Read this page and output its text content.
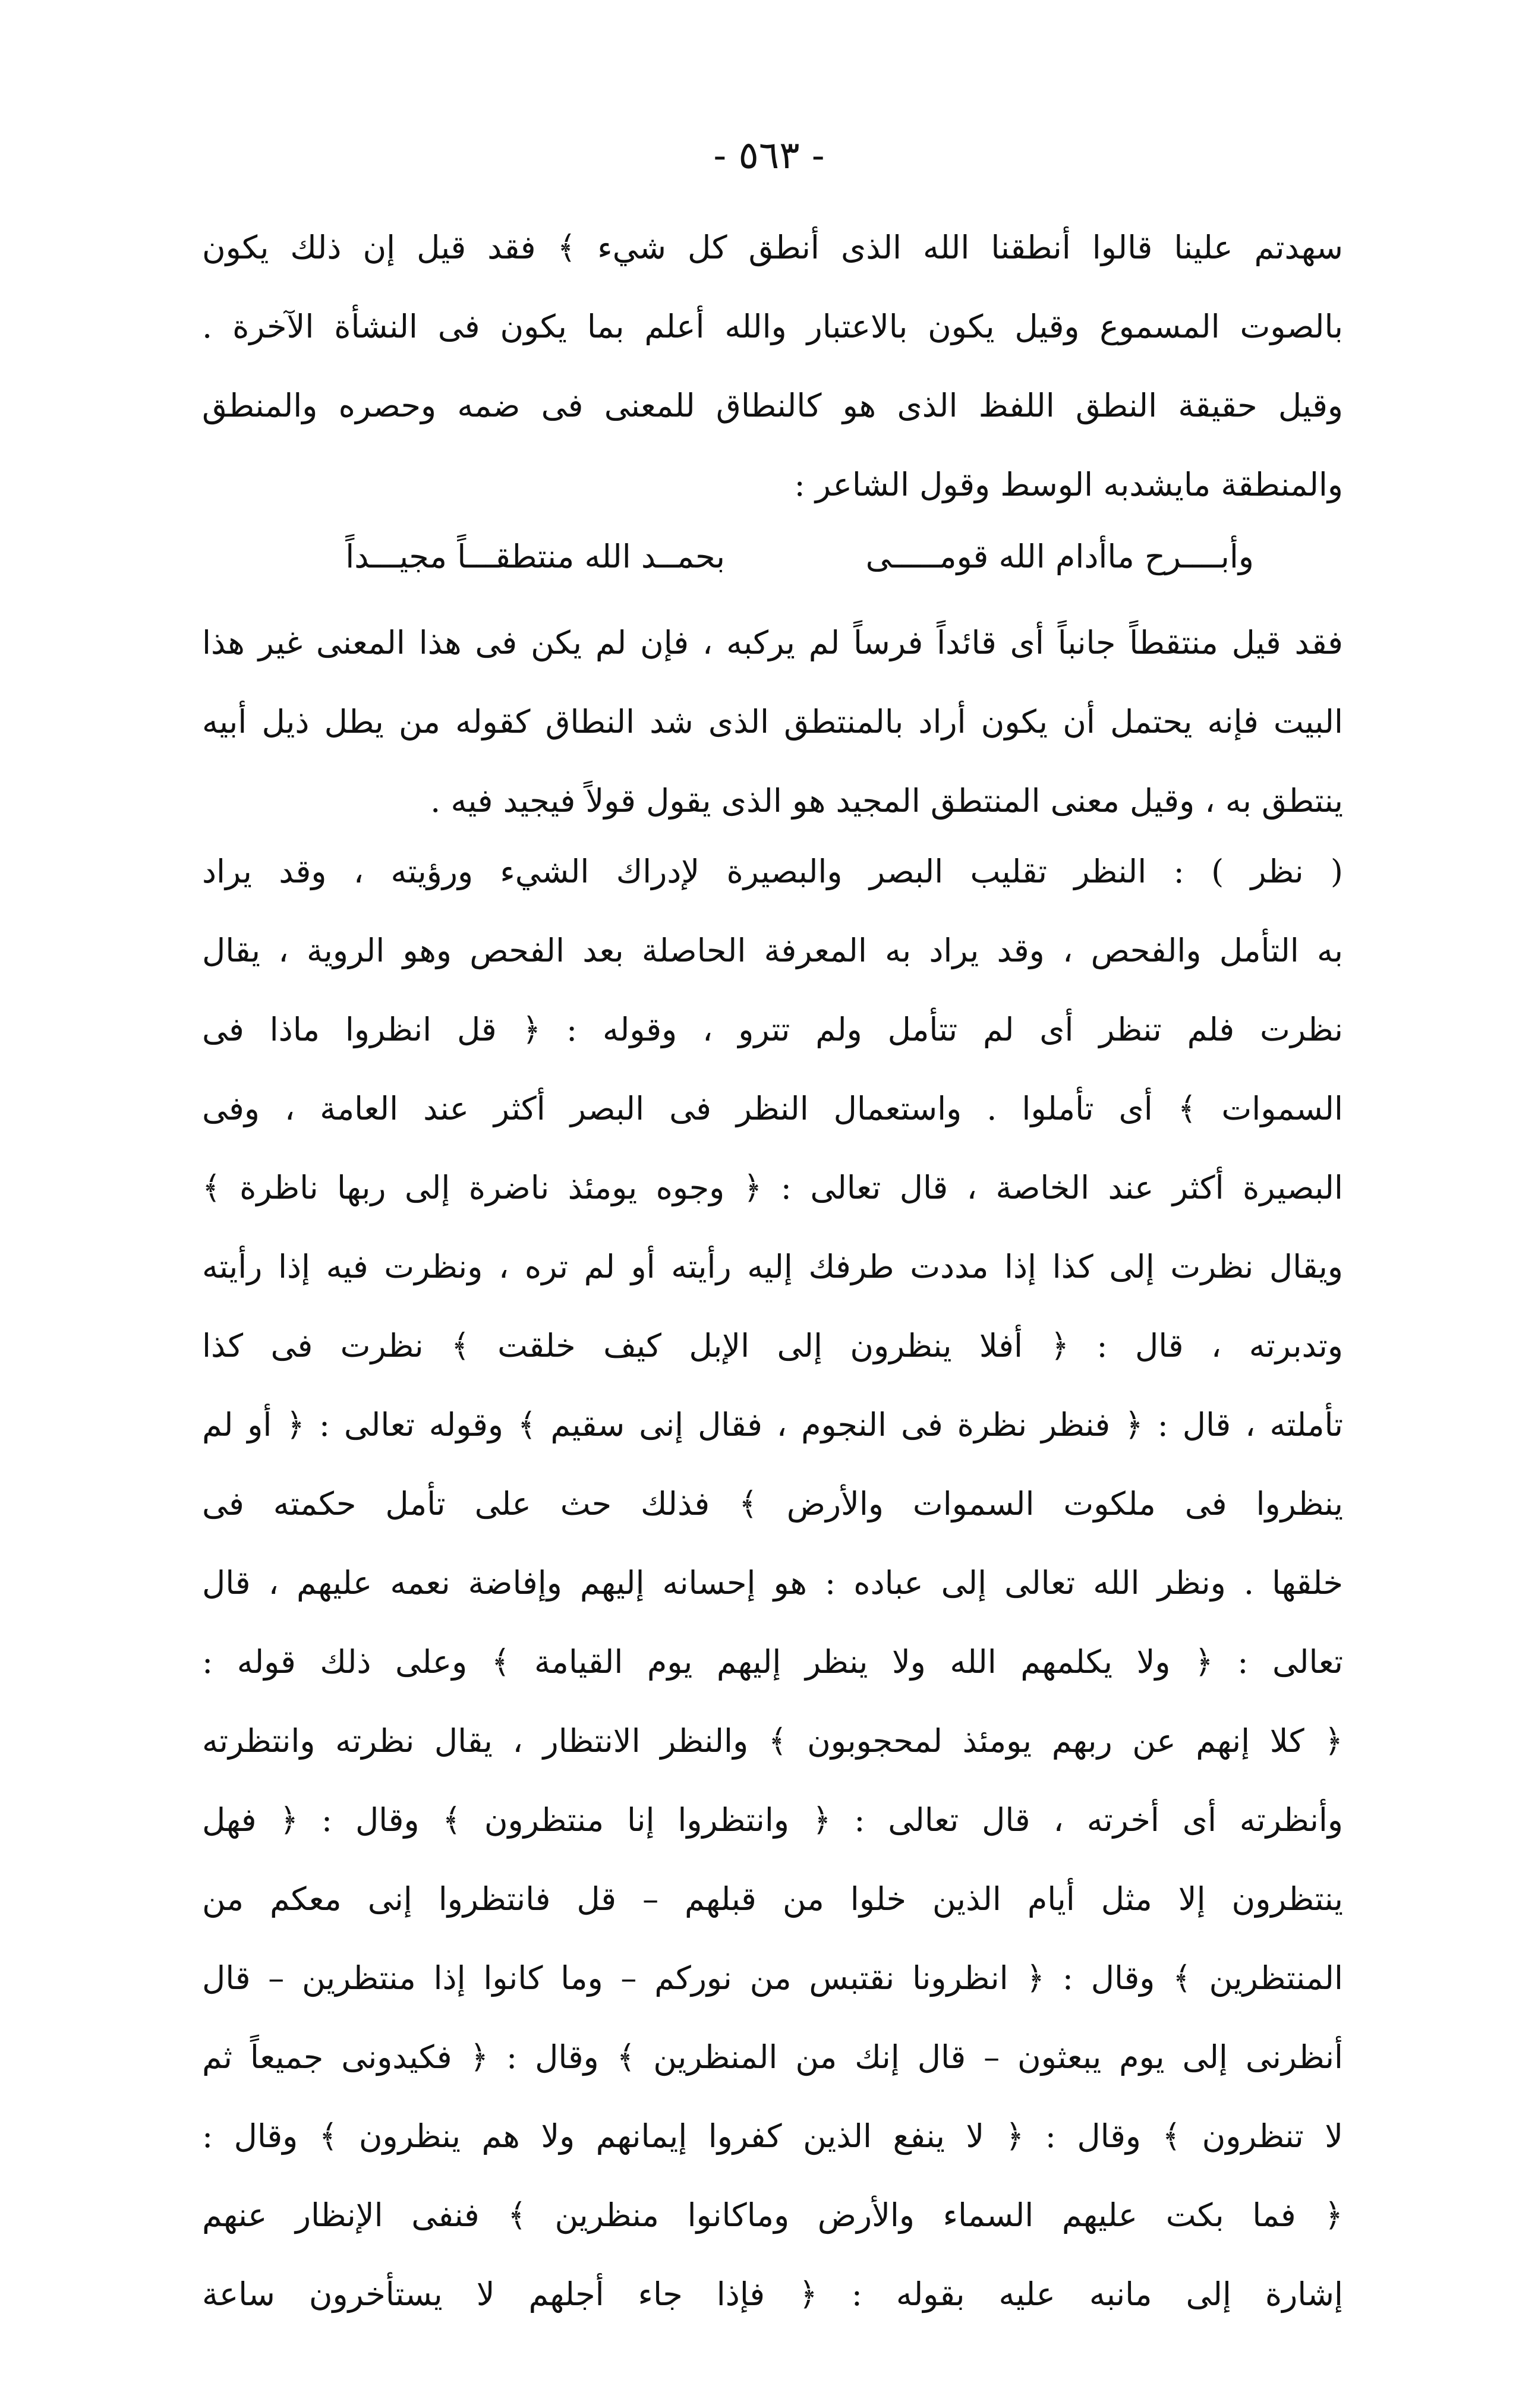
- ٥٦٣ -
سهدتم علينا قالوا أنطقنا الله الذى أنطق كل شيء ﴾ فقد قيل إن ذلك يكون
بالصوت المسموع وقيل يكون بالاعتبار والله أعلم بما يكون فى النشأة الآخرة .
وقيل حقيقة النطق اللفظ الذى هو كالنطاق للمعنى فى ضمه وحصره والمنطق
والمنطقة مايشدبه الوسط وقول الشاعر :
وأبــــرح ماأدام الله قومـــــى
بحمــد الله منتطقـــاً مجيـــداً
فقد قيل منتقطاً جانباً أى قائداً فرساً لم يركبه ، فإن لم يكن فى هذا المعنى غير هذا
البيت فإنه يحتمل أن يكون أراد بالمنتطق الذى شد النطاق كقوله من يطل ذيل أبيه
ينتطق به ، وقيل معنى المنتطق المجيد هو الذى يقول قولاً فيجيد فيه .
( نظر ) : النظر تقليب البصر والبصيرة لإدراك الشيء ورؤيته ، وقد يراد
به التأمل والفحص ، وقد يراد به المعرفة الحاصلة بعد الفحص وهو الروية ، يقال
نظرت فلم تنظر أى لم تتأمل ولم تترو ، وقوله : ﴿ قل انظروا ماذا فى
السموات ﴾ أى تأملوا . واستعمال النظر فى البصر أكثر عند العامة ، وفى
البصيرة أكثر عند الخاصة ، قال تعالى : ﴿ وجوه يومئذ ناضرة إلى ربها ناظرة ﴾
ويقال نظرت إلى كذا إذا مددت طرفك إليه رأيته أو لم تره ، ونظرت فيه إذا رأيته
وتدبرته ، قال : ﴿ أفلا ينظرون إلى الإبل كيف خلقت ﴾ نظرت فى كذا
تأملته ، قال : ﴿ فنظر نظرة فى النجوم ، فقال إنى سقيم ﴾ وقوله تعالى : ﴿ أو لم
ينظروا فى ملكوت السموات والأرض ﴾ فذلك حث على تأمل حكمته فى
خلقها . ونظر الله تعالى إلى عباده : هو إحسانه إليهم وإفاضة نعمه عليهم ، قال
تعالى : ﴿ ولا يكلمهم الله ولا ينظر إليهم يوم القيامة ﴾ وعلى ذلك قوله :
﴿ كلا إنهم عن ربهم يومئذ لمحجوبون ﴾ والنظر الانتظار ، يقال نظرته وانتظرته
وأنظرته أى أخرته ، قال تعالى : ﴿ وانتظروا إنا منتظرون ﴾ وقال : ﴿ فهل
ينتظرون إلا مثل أيام الذين خلوا من قبلهم – قل فانتظروا إنى معكم من
المنتظرين ﴾ وقال : ﴿ انظرونا نقتبس من نوركم – وما كانوا إذا منتظرين – قال
أنظرنى إلى يوم يبعثون – قال إنك من المنظرين ﴾ وقال : ﴿ فكيدونى جميعاً ثم
لا تنظرون ﴾ وقال : ﴿ لا ينفع الذين كفروا إيمانهم ولا هم ينظرون ﴾ وقال :
﴿ فما بكت عليهم السماء والأرض وماكانوا منظرين ﴾ فنفى الإنظار عنهم
إشارة إلى مانبه عليه بقوله : ﴿ فإذا جاء أجلهم لا يستأخرون ساعة
